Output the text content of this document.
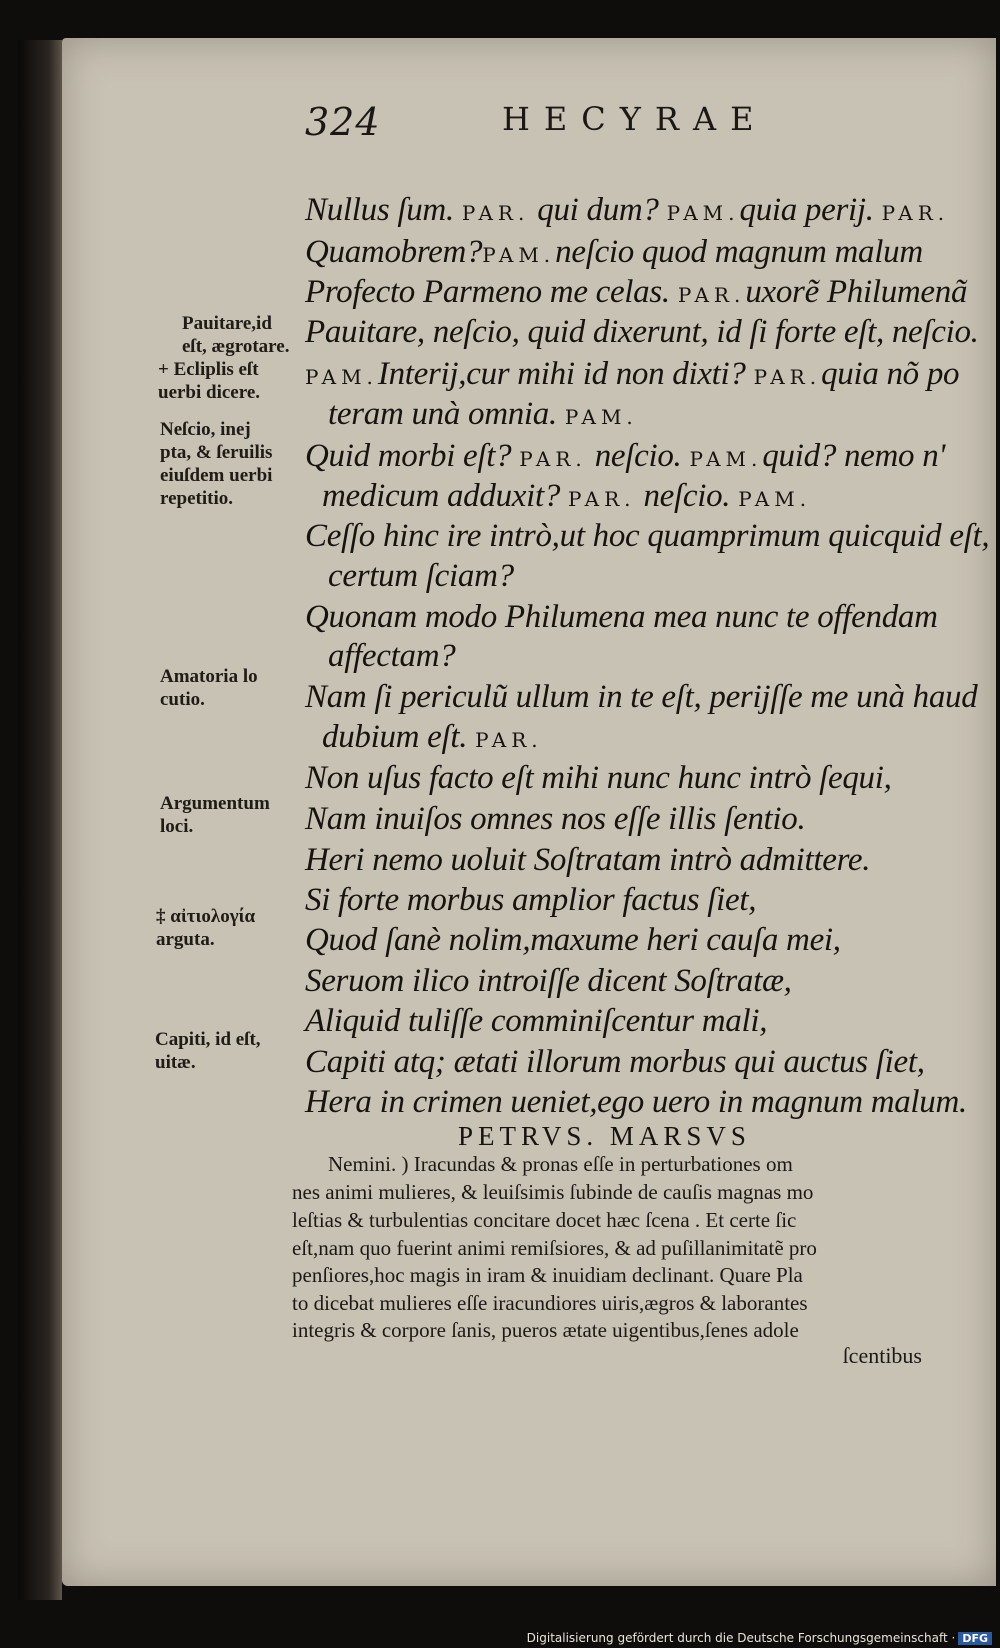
324	HECYRAE
Nullus ſum. PAR. qui dum? PAM.quia perij. PAR.
Quamobrem?PAM.neſcio quod magnum malum
Profecto Parmeno me celas. PAR.uxorẽ Philumenã
Pauitare, neſcio, quid dixerunt, id ſi forte eſt, neſcio.
PAM.Interij,cur mihi id non dixti? PAR.quia nõ po
teram unà omnia. PAM.
Quid morbi eſt? PAR. neſcio. PAM.quid? nemo n'
medicum adduxit? PAR. neſcio. PAM.
Ceſſo hinc ire intrò,ut hoc quamprimum quicquid eſt,
certum ſciam?
Quonam modo Philumena mea nunc te offendam
affectam?
Nam ſi periculũ ullum in te eſt, perijſſe me unà haud
dubium eſt. PAR.
Non uſus facto eſt mihi nunc hunc intrò ſequi,
Nam inuiſos omnes nos eſſe illis ſentio.
Heri nemo uoluit Soſtratam intrò admittere.
Si forte morbus amplior factus ſiet,
Quod ſanè nolim,maxume heri cauſa mei,
Seruom ilico introiſſe dicent Soſtratæ,
Aliquid tuliſſe comminiſcentur mali,
Capiti atq; ætati illorum morbus qui auctus ſiet,
Hera in crimen ueniet,ego uero in magnum malum.
Pauitare,id
eſt, ægrotare.
+ Ecliplis eſt
uerbi dicere.
Neſcio, inej
pta, & ſeruilis
eiuſdem uerbi
repetitio.
Amatoria lo
cutio.
Argumentum
loci.
‡ αἰτιολογία
arguta.
Capiti, id eſt,
uitæ.
PETRVS. MARSVS
Nemini. ) Iracundas & pronas eſſe in perturbationes om
nes animi mulieres, & leuiſsimis ſubinde de cauſis magnas mo
leſtias & turbulentias concitare docet hæc ſcena . Et certe ſic
eſt,nam quo fuerint animi remiſsiores, & ad puſillanimitatẽ pro
penſiores,hoc magis in iram & inuidiam declinant. Quare Pla
to dicebat mulieres eſſe iracundiores uiris,ægros & laborantes
integris & corpore ſanis, pueros ætate uigentibus,ſenes adole
ſcentibus
Digitalisierung gefördert durch die Deutsche Forschungsgemeinschaft · DFG
